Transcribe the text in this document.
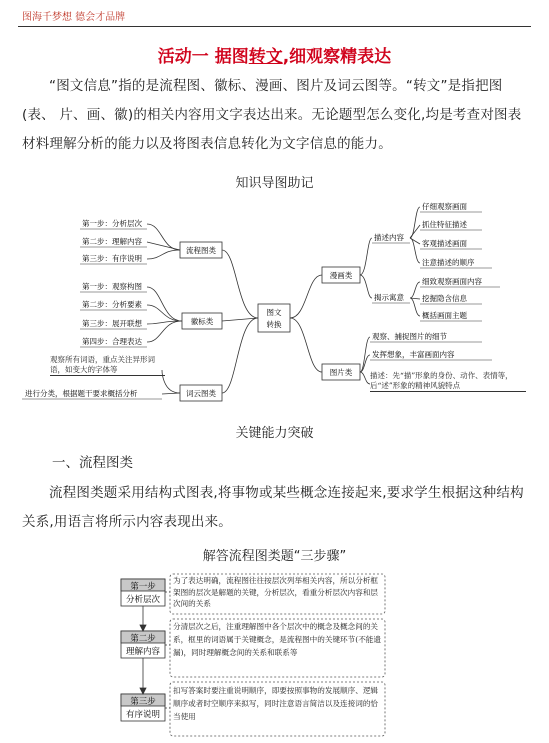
图海千梦想 德会才品牌
活动一 据图转文,细观察精表达
“图文信息”指的是流程图、徽标、漫画、图片及词云图等。“转文”是指把图(表、 片、画、徽)的相关内容用文字表达出来。无论题型怎么变化,均是考查对图表材料理解分析的能力以及将图表信息转化为文字信息的能力。
知识导图助记
图文
转换
流程图类
徽标类
词云图类
第一步：分析层次
第二步：理解内容
第三步：有序说明
第一步：观察构图
第二步：分析要素
第三步：展开联想
第四步：合理表达
观察所有词语，重点关注异形词语，如变大的字体等
进行分类，根据题干要求概括分析
漫画类
图片类
描述内容
揭示寓意
仔细观察画面
抓住特征描述
客观描述画面
注意描述的顺序
细致观察画面内容
挖掘隐含信息
概括画面主题
观察、捕捉图片的细节
发挥想象，丰富画面内容
描述：先“描”形象的身份、动作、表情等，后“述”形象的精神风貌特点
关键能力突破
一、流程图类
流程图类题采用结构式图表,将事物或某些概念连接起来,要求学生根据这种结构关系,用语言将所示内容表现出来。
解答流程图类题“三步骤”
第一步
分析层次
第二步
理解内容
第三步
有序说明
为了表达明确，流程图往往按层次列举相关内容，所以分析框架图的层次是解题的关键，分析层次，看重分析层次内容和层次间的关系
分清层次之后，注重理解图中各个层次中的概念及概念间的关系，框里的词语属于关键概念，是流程图中的关键环节(不能遗漏)，同时理解概念间的关系和联系等
扣写答案时要注重说明顺序，即要按照事物的发展顺序、逻辑顺序或者时空顺序来拟写，同时注意语言简洁以及连接词的恰当使用
